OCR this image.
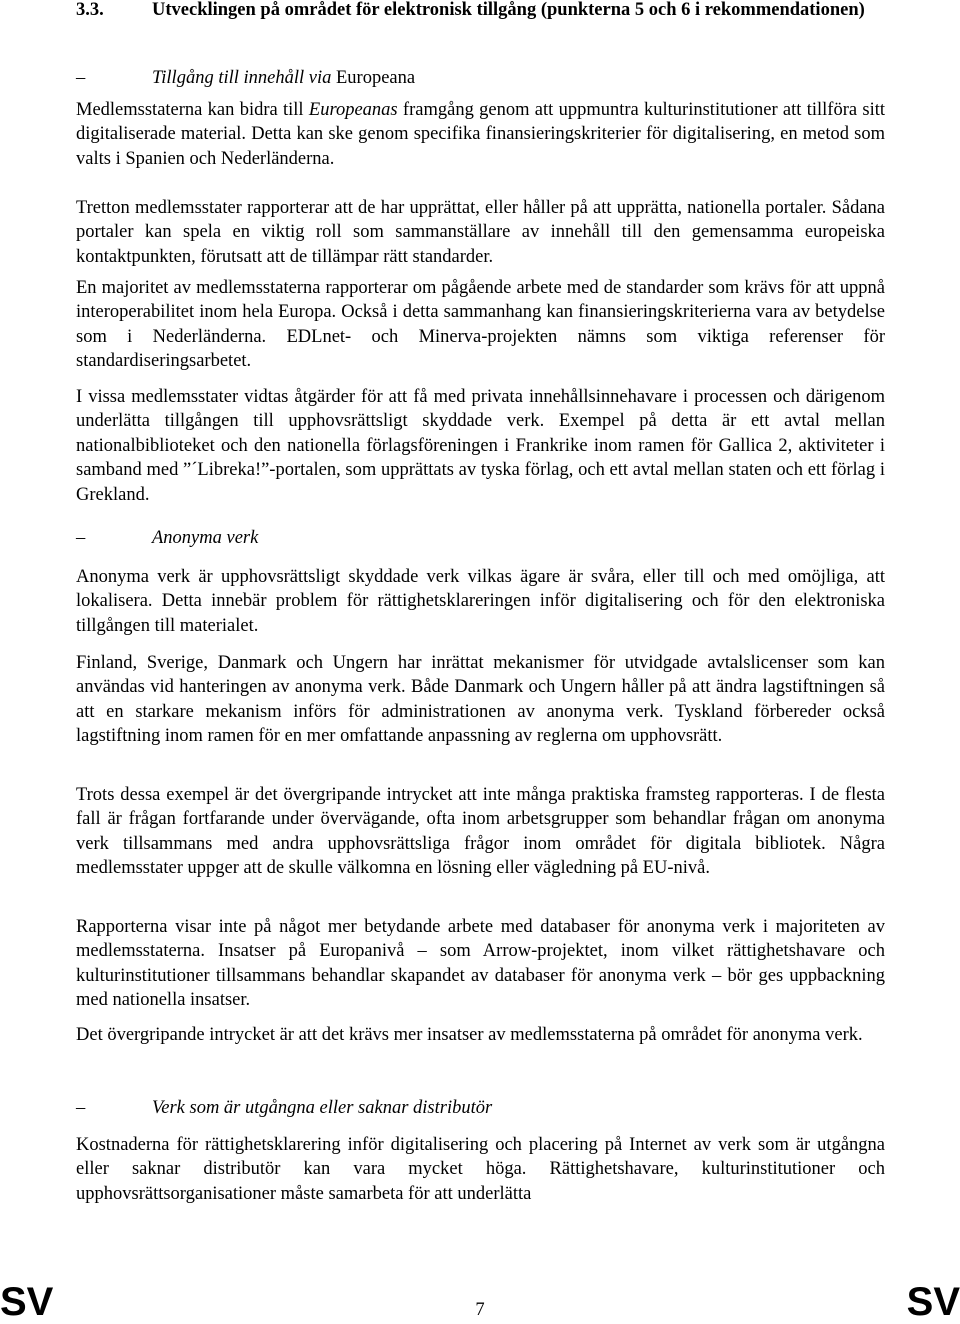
3.3.	Utvecklingen på området för elektronisk tillgång (punkterna 5 och 6 i rekommendationen)
–	Tillgång till innehåll via Europeana

Medlemsstaterna kan bidra till Europeanas framgång genom att uppmuntra kulturinstitutioner att tillföra sitt digitaliserade material. Detta kan ske genom specifika finansieringskriterier för digitalisering, en metod som valts i Spanien och Nederländerna.

Tretton medlemsstater rapporterar att de har upprättat, eller håller på att upprätta, nationella portaler. Sådana portaler kan spela en viktig roll som sammanställare av innehåll till den gemensamma europeiska kontaktpunkten, förutsatt att de tillämpar rätt standarder.

En majoritet av medlemsstaterna rapporterar om pågående arbete med de standarder som krävs för att uppnå interoperabilitet inom hela Europa. Också i detta sammanhang kan finansieringskriterierna vara av betydelse som i Nederländerna. EDLnet- och Minerva-projekten nämns som viktiga referenser för standardiseringsarbetet.

I vissa medlemsstater vidtas åtgärder för att få med privata innehållsinnehavare i processen och därigenom underlätta tillgången till upphovsrättsligt skyddade verk. Exempel på detta är ett avtal mellan nationalbiblioteket och den nationella förlagsföreningen i Frankrike inom ramen för Gallica 2, aktiviteter i samband med ”´Libreka!”-portalen, som upprättats av tyska förlag, och ett avtal mellan staten och ett förlag i Grekland.

–	Anonyma verk

Anonyma verk är upphovsrättsligt skyddade verk vilkas ägare är svåra, eller till och med omöjliga, att lokalisera. Detta innebär problem för rättighetsklareringen inför digitalisering och för den elektroniska tillgången till materialet.

Finland, Sverige, Danmark och Ungern har inrättat mekanismer för utvidgade avtalslicenser som kan användas vid hanteringen av anonyma verk. Både Danmark och Ungern håller på att ändra lagstiftningen så att en starkare mekanism införs för administrationen av anonyma verk. Tyskland förbereder också lagstiftning inom ramen för en mer omfattande anpassning av reglerna om upphovsrätt.

Trots dessa exempel är det övergripande intrycket att inte många praktiska framsteg rapporteras. I de flesta fall är frågan fortfarande under övervägande, ofta inom arbetsgrupper som behandlar frågan om anonyma verk tillsammans med andra upphovsrättsliga frågor inom området för digitala bibliotek. Några medlemsstater uppger att de skulle välkomna en lösning eller vägledning på EU-nivå.

Rapporterna visar inte på något mer betydande arbete med databaser för anonyma verk i majoriteten av medlemsstaterna. Insatser på Europanivå – som Arrow-projektet, inom vilket rättighetshavare och kulturinstitutioner tillsammans behandlar skapandet av databaser för anonyma verk – bör ges uppbackning med nationella insatser.

Det övergripande intrycket är att det krävs mer insatser av medlemsstaterna på området för anonyma verk.

–	Verk som är utgångna eller saknar distributör

Kostnaderna för rättighetsklarering inför digitalisering och placering på Internet av verk som är utgångna eller saknar distributör kan vara mycket höga. Rättighetshavare, kulturinstitutioner och upphovsrättsorganisationer måste samarbeta för att underlätta

SV	7	SV
